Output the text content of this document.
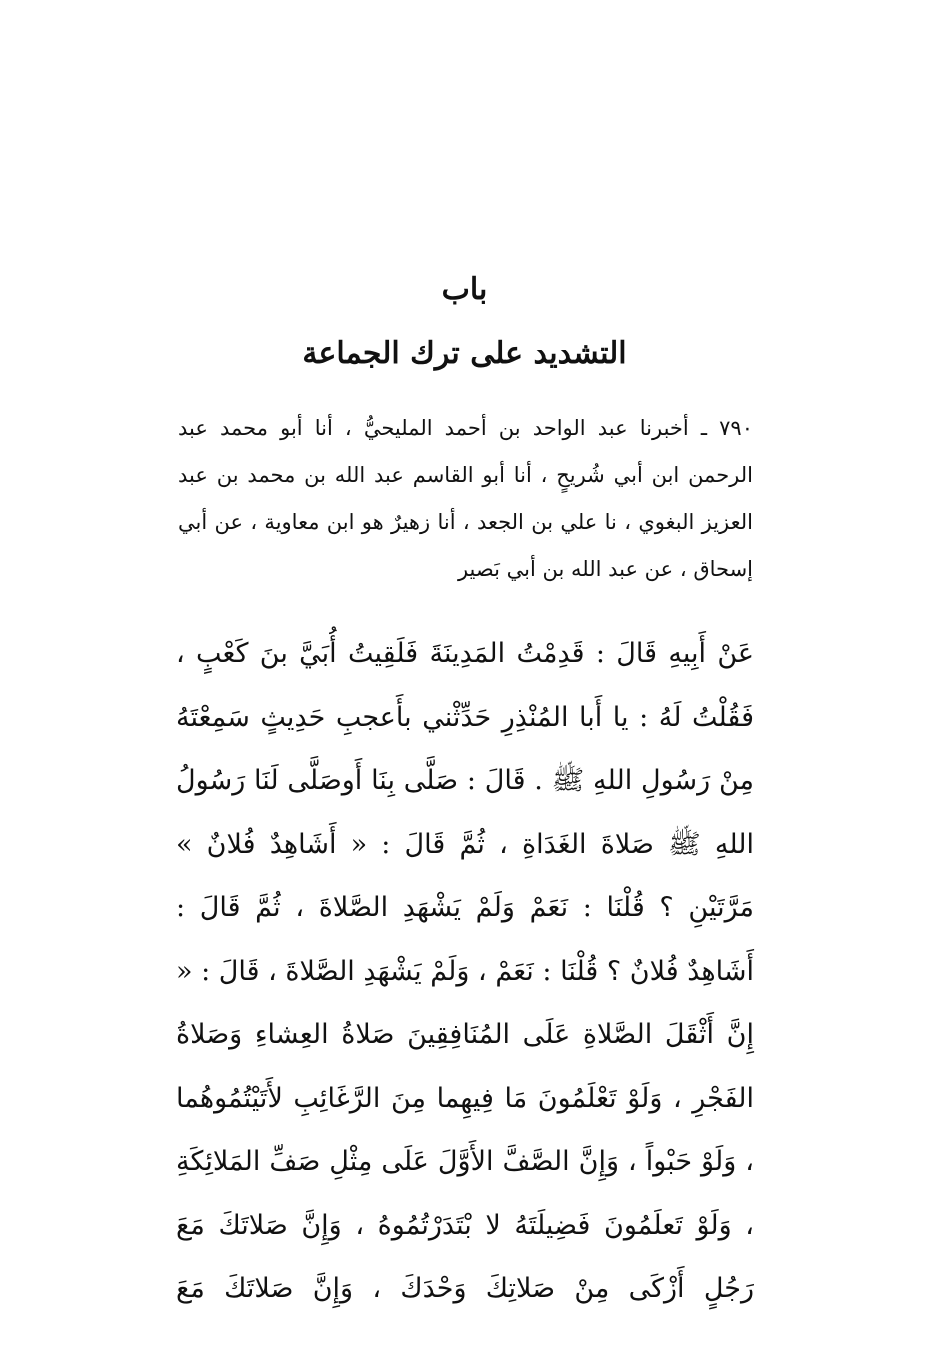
باب
التشديد على ترك الجماعة

٧٩٠ ـ أخبرنا عبد الواحد بن أحمد المليحيُّ ، أنا أبو محمد عبد الرحمن ابن أبي شُريحٍ ، أنا أبو القاسم عبد الله بن محمد بن عبد العزيز البغوي ، نا علي بن الجعد ، أنا زهيرٌ هو ابن معاوية ، عن أبي إسحاق ، عن عبد الله بن أبي بَصير

عَنْ أَبِيهِ قَالَ : قَدِمْتُ المَدِينَةَ فَلَقِيتُ أُبَيَّ بنَ كَعْبٍ ، فَقُلْتُ لَهُ : يا أَبا المُنْذِرِ حَدِّثْني بأَعجبِ حَدِيثٍ سَمِعْتَهُ مِنْ رَسُولِ اللهِ ﷺ . قَالَ : صَلَّى بِنَا أَوصَلَّى لَنَا رَسُولُ اللهِ ﷺ صَلاةَ الغَدَاةِ ، ثُمَّ قَالَ : « أَشَاهِدٌ فُلانٌ » مَرَّتَيْنِ ؟ قُلْنَا : نَعَمْ وَلَمْ يَشْهَدِ الصَّلاةَ ، ثُمَّ قَالَ : أَشَاهِدٌ فُلانٌ ؟ قُلْنَا : نَعَمْ ، وَلَمْ يَشْهَدِ الصَّلاةَ ، قَالَ : « إِنَّ أَثْقَلَ الصَّلاةِ عَلَى المُنَافِقِينَ صَلاةُ العِشاءِ وَصَلاةُ الفَجْرِ ، وَلَوْ تَعْلَمُونَ مَا فِيهِما مِنَ الرَّغَائِبِ لأَتَيْتُمُوهُما ، وَلَوْ حَبْواً ، وَإِنَّ الصَّفَّ الأَوَّلَ عَلَى مِثْلِ صَفِّ المَلائِكَةِ ، وَلَوْ تَعلَمُونَ فَضِيلَتَهُ لا بْتَدَرْتُمُوهُ ، وَإِنَّ صَلاتَكَ مَعَ رَجُلٍ أَزْكَى مِنْ صَلاتِكَ وَحْدَكَ ، وَإِنَّ صَلاتَكَ مَعَ
